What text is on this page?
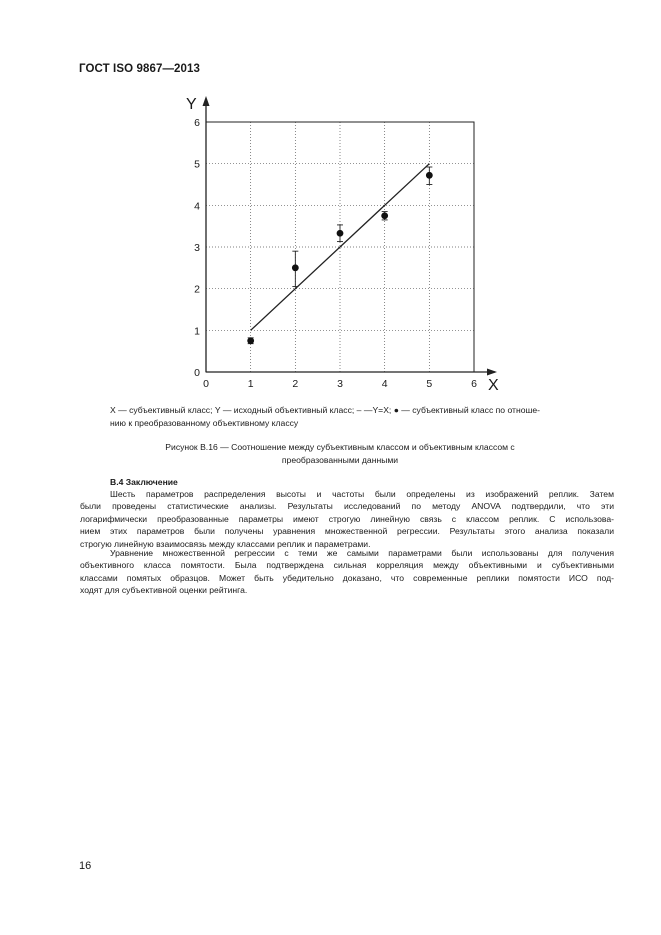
ГОСТ ISO 9867—2013
Y
X
0	1	2	3	4	5	6
0
1
2
3
4
5
6
X — субъективный класс; Y — исходный объективный класс; – —Y=X; ● — субъективный класс по отноше-
нию к преобразованному объективному классу
Рисунок В.16 — Соотношение между субъективным классом и объективным классом с
преобразованными данными
В.4 Заключение
Шесть параметров распределения высоты и частоты были определены из изображений реплик. Затем
были проведены статистические анализы. Результаты исследований по методу ANOVA подтвердили, что эти
логарифмически преобразованные параметры имеют строгую линейную связь с классом реплик. С использова-
нием этих параметров были получены уравнения множественной регрессии. Результаты этого анализа показали
строгую линейную взаимосвязь между классами реплик и параметрами.
Уравнение множественной регрессии с теми же самыми параметрами были использованы для получения
объективного класса помятости. Была подтверждена сильная корреляция между объективными и субъективными
классами помятых образцов. Может быть убедительно доказано, что современные реплики помятости ИСО под-
ходят для субъективной оценки рейтинга.
16
